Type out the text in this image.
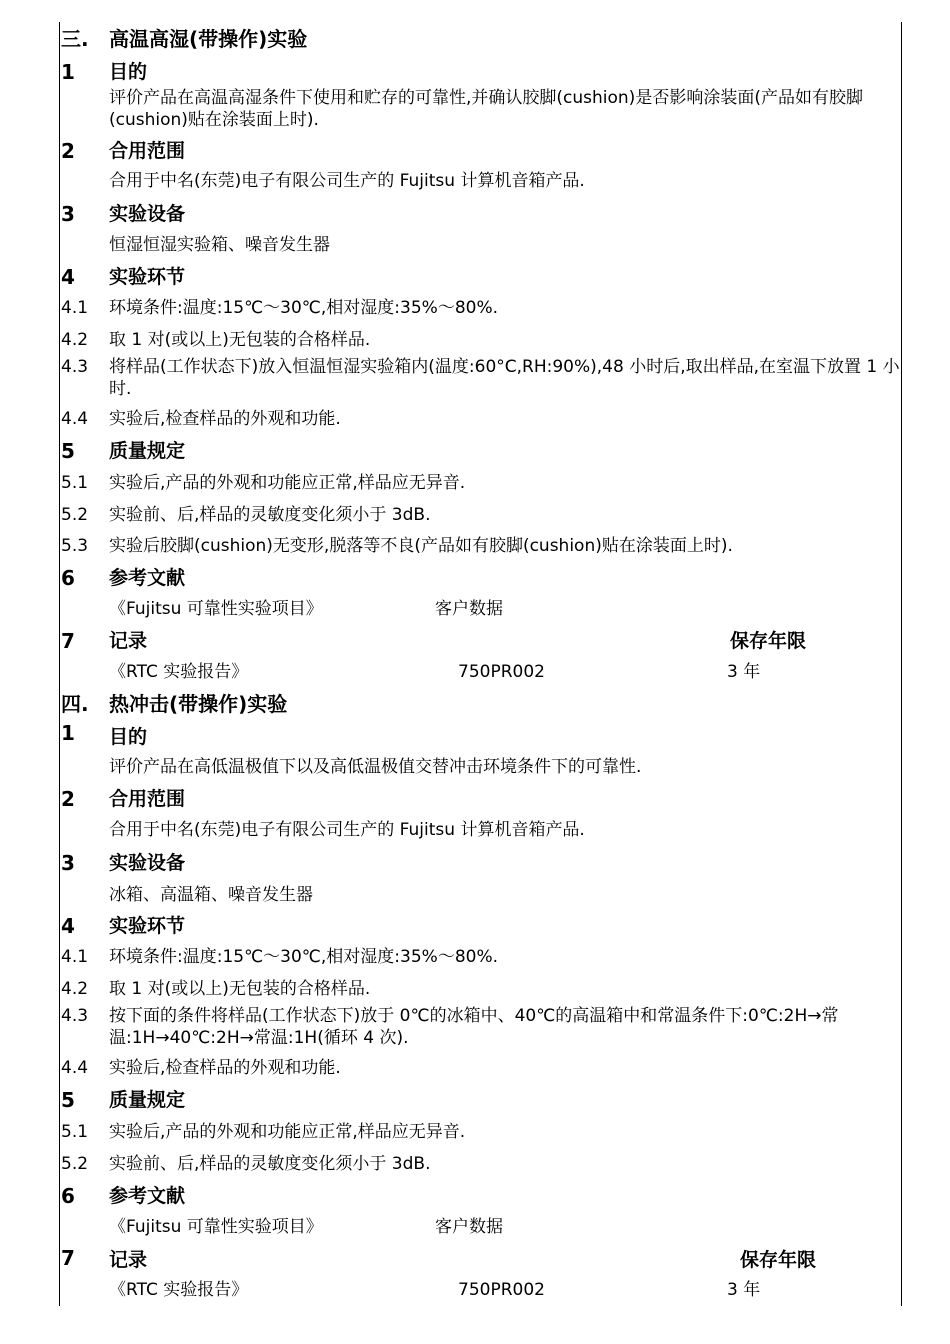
三. 高温高湿(带操作)实验
1 目的
评价产品在高温高湿条件下使用和贮存的可靠性,并确认胶脚(cushion)是否影响涂装面(产品如有胶脚(cushion)贴在涂装面上时).
2 合用范围
合用于中名(东莞)电子有限公司生产的 Fujitsu 计算机音箱产品.
3 实验设备
恒湿恒湿实验箱、噪音发生器
4 实验环节
4.1 环境条件:温度:15℃～30℃,相对湿度:35%～80%.
4.2 取 1 对(或以上)无包装的合格样品.
4.3 将样品(工作状态下)放入恒温恒湿实验箱内(温度:60°C,RH:90%),48 小时后,取出样品,在室温下放置 1 小时.
4.4 实验后,检查样品的外观和功能.
5 质量规定
5.1 实验后,产品的外观和功能应正常,样品应无异音.
5.2 实验前、后,样品的灵敏度变化须小于 3dB.
5.3 实验后胶脚(cushion)无变形,脱落等不良(产品如有胶脚(cushion)贴在涂装面上时).
6 参考文献
《Fujitsu 可靠性实验项目》	客户数据
7 记录	保存年限
《RTC 实验报告》	750PR002	3 年
四. 热冲击(带操作)实验
1 目的
评价产品在高低温极值下以及高低温极值交替冲击环境条件下的可靠性.
2 合用范围
合用于中名(东莞)电子有限公司生产的 Fujitsu 计算机音箱产品.
3 实验设备
冰箱、高温箱、噪音发生器
4 实验环节
4.1 环境条件:温度:15℃～30℃,相对湿度:35%～80%.
4.2 取 1 对(或以上)无包装的合格样品.
4.3 按下面的条件将样品(工作状态下)放于 0℃的冰箱中、40℃的高温箱中和常温条件下:0℃:2H→常温:1H→40℃:2H→常温:1H(循环 4 次).
4.4 实验后,检查样品的外观和功能.
5 质量规定
5.1 实验后,产品的外观和功能应正常,样品应无异音.
5.2 实验前、后,样品的灵敏度变化须小于 3dB.
6 参考文献
《Fujitsu 可靠性实验项目》	客户数据
7 记录	保存年限
《RTC 实验报告》	750PR002	3 年
